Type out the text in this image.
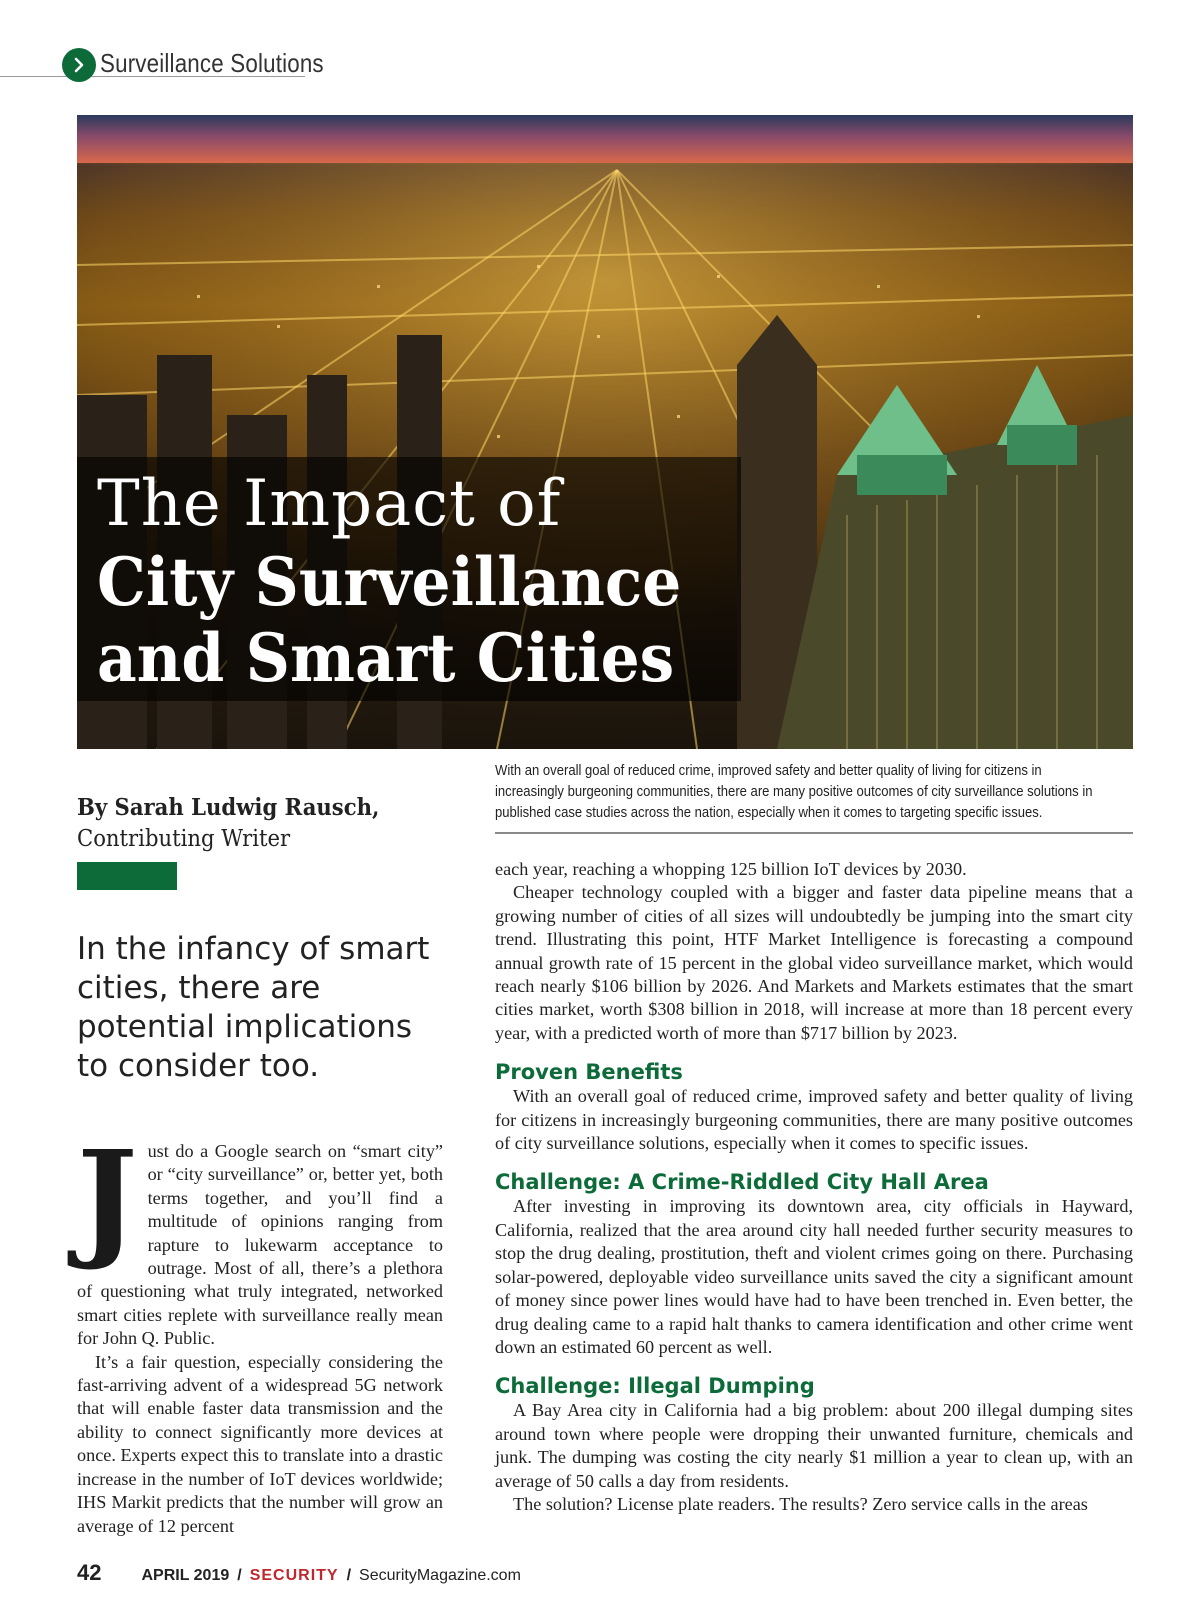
Surveillance Solutions
The Impact of
City Surveillance
and Smart Cities
By Sarah Ludwig Rausch,
Contributing Writer
In the infancy of smart cities, there are potential implications to consider too.

Just do a Google search on “smart city” or “city surveillance” or, better yet, both terms together, and you’ll find a multitude of opinions ranging from rapture to lukewarm acceptance to outrage. Most of all, there’s a plethora of questioning what truly integrated, networked smart cities replete with surveillance really mean for John Q. Public.

It’s a fair question, especially considering the fast-arriving advent of a widespread 5G network that will enable faster data transmission and the ability to connect significantly more devices at once. Experts expect this to translate into a drastic increase in the number of IoT devices worldwide; IHS Markit predicts that the number will grow an average of 12 percent

With an overall goal of reduced crime, improved safety and better quality of living for citizens in
increasingly burgeoning communities, there are many positive outcomes of city surveillance solutions in
published case studies across the nation, especially when it comes to targeting specific issues.

each year, reaching a whopping 125 billion IoT devices by 2030.

Cheaper technology coupled with a bigger and faster data pipeline means that a growing number of cities of all sizes will undoubtedly be jumping into the smart city trend. Illustrating this point, HTF Market Intelligence is forecasting a compound annual growth rate of 15 percent in the global video surveillance market, which would reach nearly $106 billion by 2026. And Markets and Markets estimates that the smart cities market, worth $308 billion in 2018, will increase at more than 18 percent every year, with a predicted worth of more than $717 billion by 2023.

Proven Benefits

With an overall goal of reduced crime, improved safety and better quality of living for citizens in increasingly burgeoning communities, there are many positive outcomes of city surveillance solutions, especially when it comes to specific issues.

Challenge: A Crime-Riddled City Hall Area

After investing in improving its downtown area, city officials in Hayward, California, realized that the area around city hall needed further security measures to stop the drug dealing, prostitution, theft and violent crimes going on there. Purchasing solar-powered, deployable video surveillance units saved the city a significant amount of money since power lines would have had to have been trenched in. Even better, the drug dealing came to a rapid halt thanks to camera identification and other crime went down an estimated 60 percent as well.

Challenge: Illegal Dumping

A Bay Area city in California had a big problem: about 200 illegal dumping sites around town where people were dropping their unwanted furniture, chemicals and junk. The dumping was costing the city nearly $1 million a year to clean up, with an average of 50 calls a day from residents.

The solution? License plate readers. The results? Zero service calls in the areas

42	APRIL 2019 / SECURITY / SecurityMagazine.com
